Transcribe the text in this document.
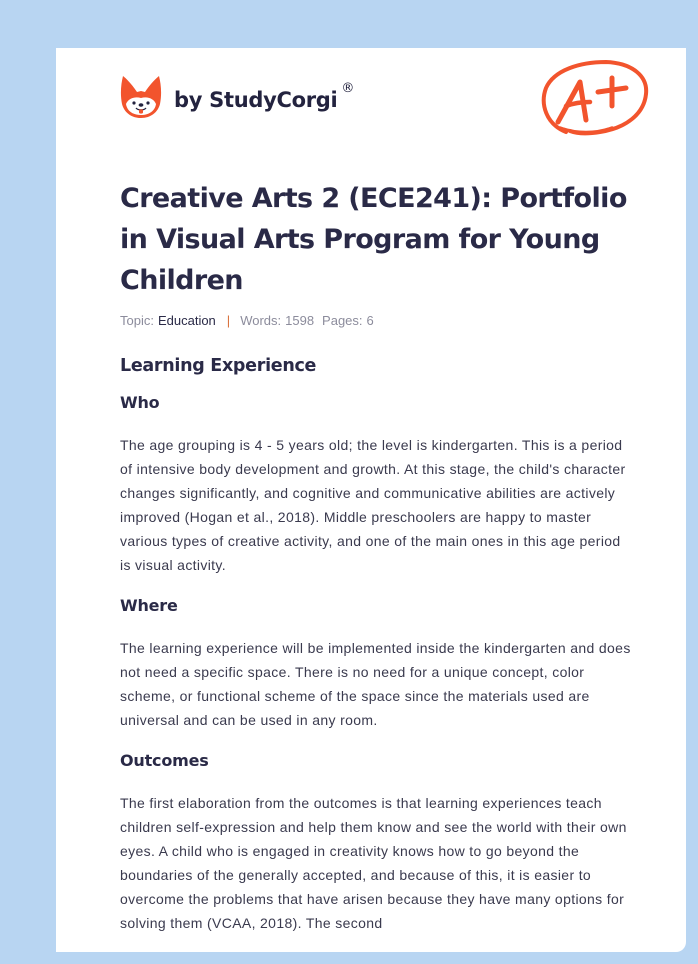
by StudyCorgi ®
Creative Arts 2 (ECE241): Portfolio in Visual Arts Program for Young Children
Topic: Education | Words: 1598 Pages: 6
Learning Experience
Who

The age grouping is 4 - 5 years old; the level is kindergarten. This is a period of intensive body development and growth. At this stage, the child's character changes significantly, and cognitive and communicative abilities are actively improved (Hogan et al., 2018). Middle preschoolers are happy to master various types of creative activity, and one of the main ones in this age period is visual activity.

Where

The learning experience will be implemented inside the kindergarten and does not need a specific space. There is no need for a unique concept, color scheme, or functional scheme of the space since the materials used are universal and can be used in any room.

Outcomes

The first elaboration from the outcomes is that learning experiences teach children self-expression and help them know and see the world with their own eyes. A child who is engaged in creativity knows how to go beyond the boundaries of the generally accepted, and because of this, it is easier to overcome the problems that have arisen because they have many options for solving them (VCAA, 2018). The second
